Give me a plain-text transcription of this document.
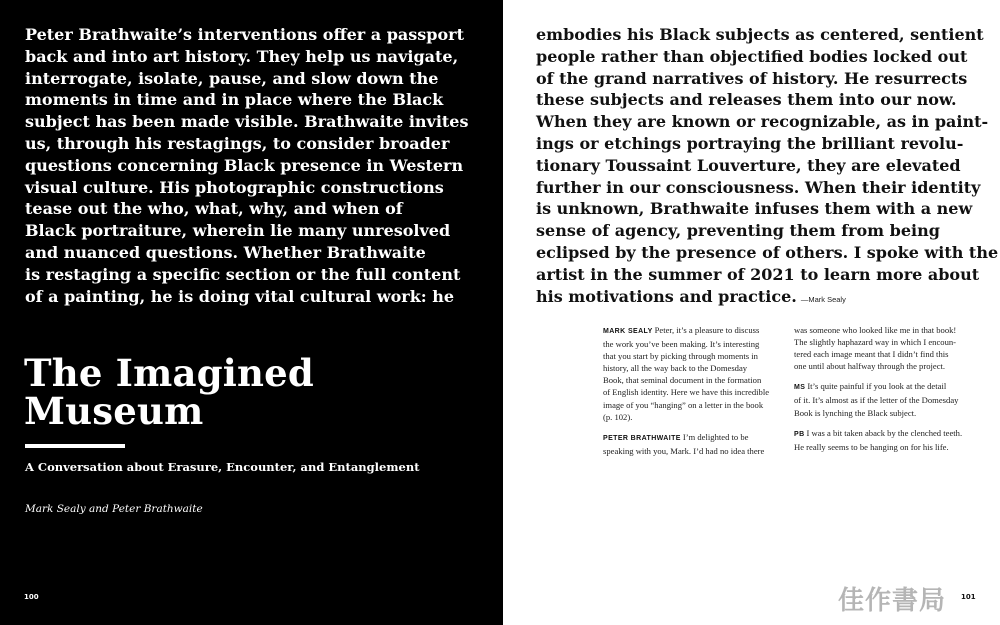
Peter Brathwaite’s interventions offer a passport
back and into art history. They help us navigate,
interrogate, isolate, pause, and slow down the
moments in time and in place where the Black
subject has been made visible. Brathwaite invites
us, through his restagings, to consider broader
questions concerning Black presence in Western
visual culture. His photographic constructions
tease out the who, what, why, and when of
Black portraiture, wherein lie many unresolved
and nuanced questions. Whether Brathwaite
is restaging a specific section or the full content
of a painting, he is doing vital cultural work: he

The Imagined
Museum

A Conversation about Erasure, Encounter, and Entanglement

Mark Sealy and Peter Brathwaite

100

embodies his Black subjects as centered, sentient
people rather than objectified bodies locked out
of the grand narratives of history. He resurrects
these subjects and releases them into our now.
When they are known or recognizable, as in paint-
ings or etchings portraying the brilliant revolu-
tionary Toussaint Louverture, they are elevated
further in our consciousness. When their identity
is unknown, Brathwaite infuses them with a new
sense of agency, preventing them from being
eclipsed by the presence of others. I spoke with the
artist in the summer of 2021 to learn more about
his motivations and practice. —Mark Sealy

MARK SEALY Peter, it’s a pleasure to discuss
the work you’ve been making. It’s interesting
that you start by picking through moments in
history, all the way back to the Domesday
Book, that seminal document in the formation
of English identity. Here we have this incredible
image of you “hanging” on a letter in the book
(p. 102).

PETER BRATHWAITE I’m delighted to be
speaking with you, Mark. I’d had no idea there

was someone who looked like me in that book!
The slightly haphazard way in which I encoun-
tered each image meant that I didn’t find this
one until about halfway through the project.

MS It’s quite painful if you look at the detail
of it. It’s almost as if the letter of the Domesday
Book is lynching the Black subject.

PB I was a bit taken aback by the clenched teeth.
He really seems to be hanging on for his life.

佳作書局 101
